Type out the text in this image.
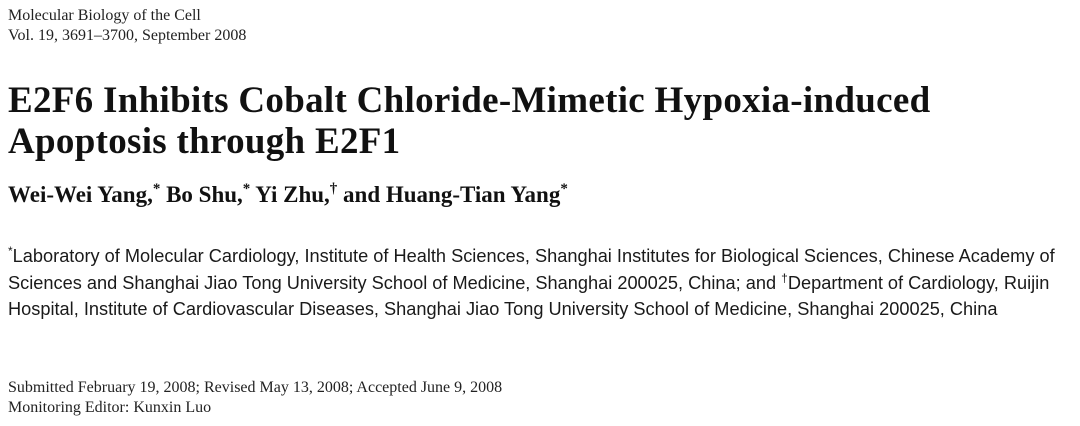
Molecular Biology of the Cell
Vol. 19, 3691–3700, September 2008
E2F6 Inhibits Cobalt Chloride-Mimetic Hypoxia-induced
Apoptosis through E2F1
Wei-Wei Yang,* Bo Shu,* Yi Zhu,† and Huang-Tian Yang*
*Laboratory of Molecular Cardiology, Institute of Health Sciences, Shanghai Institutes for Biological Sciences, Chinese Academy of Sciences and Shanghai Jiao Tong University School of Medicine, Shanghai 200025, China; and †Department of Cardiology, Ruijin Hospital, Institute of Cardiovascular Diseases, Shanghai Jiao Tong University School of Medicine, Shanghai 200025, China
Submitted February 19, 2008; Revised May 13, 2008; Accepted June 9, 2008
Monitoring Editor: Kunxin Luo
